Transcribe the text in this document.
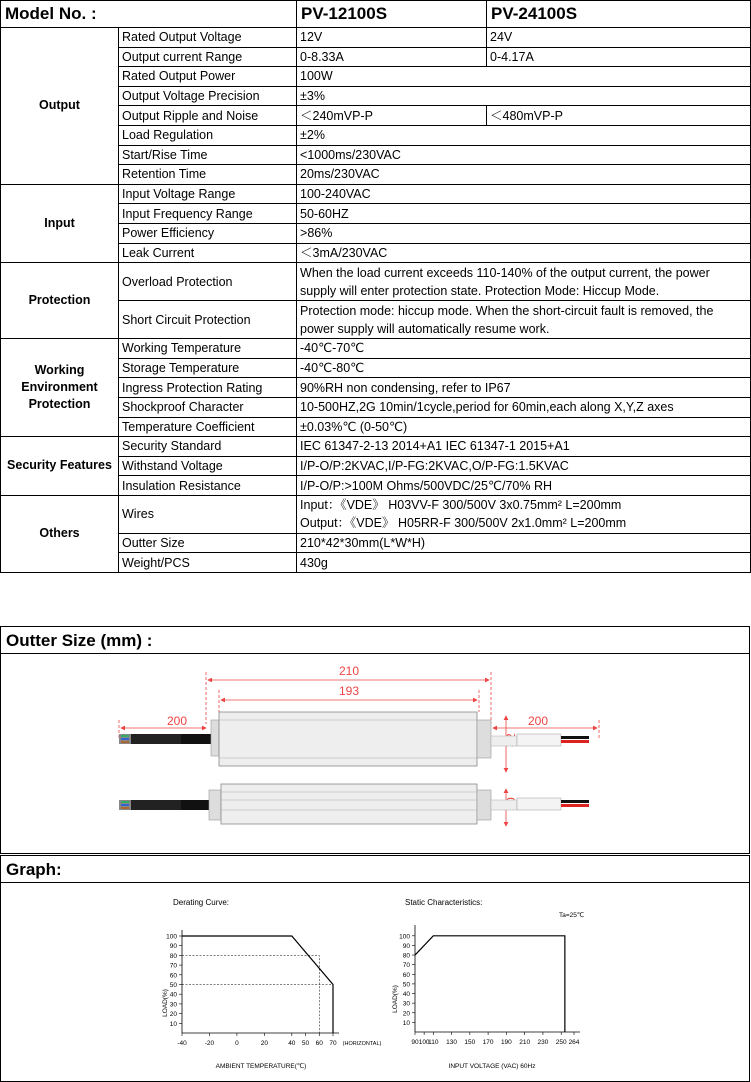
Model No. :		PV-12100S	PV-24100S
Output	Rated Output Voltage	12V	24V
	Output current Range	0-8.33A	0-4.17A
	Rated Output Power	100W	
	Output Voltage Precision	±3%	
	Output Ripple and Noise	＜240mVP-P	＜480mVP-P
	Load Regulation	±2%	
	Start/Rise Time	<1000ms/230VAC	
	Retention Time	20ms/230VAC	
Input	Input Voltage Range	100-240VAC	
	Input Frequency Range	50-60HZ	
	Power Efficiency	>86%	
	Leak Current	＜3mA/230VAC	
Protection	Overload Protection	When the load current exceeds 110-140% of the output current, the power supply will enter protection state. Protection Mode: Hiccup Mode.	
	Short Circuit Protection	Protection mode: hiccup mode. When the short-circuit fault is removed, the power supply will automatically resume work.	
Working Environment Protection	Working Temperature	-40℃-70℃	
	Storage Temperature	-40℃-80℃	
	Ingress Protection Rating	90%RH non condensing, refer to IP67	
	Shockproof Character	10-500HZ,2G 10min/1cycle,period for 60min,each along X,Y,Z axes	
	Temperature Coefficient	±0.03%℃ (0-50℃)	
Security Features	Security Standard	IEC 61347-2-13 2014+A1 IEC 61347-1 2015+A1	
	Withstand Voltage	I/P-O/P:2KVAC,I/P-FG:2KVAC,O/P-FG:1.5KVAC	
	Insulation Resistance	I/P-O/P:>100M Ohms/500VDC/25℃/70% RH	
Others	Wires	Input：《VDE》 H03VV-F 300/500V 3x0.75mm² L=200mm
Output：《VDE》 H05RR-F 300/500V 2x1.0mm² L=200mm	

	Outter Size	210*42*30mm(L*W*H)	
	Weight/PCS	430g	
Outter Size (mm) :
210
193
200	200
Graph:
Derating Curve:
LOAD(%)
AMBIENT TEMPERATURE(℃)
(HORIZONTAL)
10
20
30
40
50
60
70
80
90
100
-40	-20	0	20	40 50 60 70
Static Characteristics:
Ta=25℃
LOAD(%)
INPUT VOLTAGE (VAC) 60Hz
10
20
30
40
50
60
70
80
90
100
90 100
110 130 150 170 190 210 230 250 264
